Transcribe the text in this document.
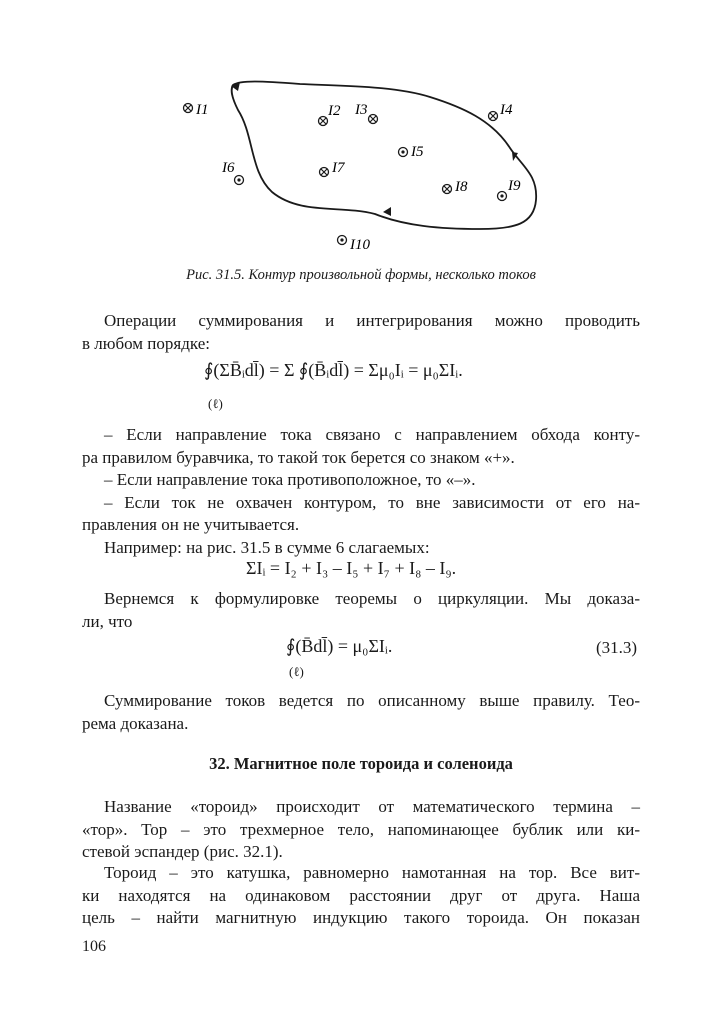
I1	I2 I3	I4
I5
I6	I7
I8	I9
I10
Рис. 31.5. Контур произвольной формы, несколько токов
Операции суммирования и интегрирования можно проводить
в любом порядке:
∮(ΣB̄ᵢdl̄) = Σ ∮(B̄ᵢdl̄) = Σμ₀Iᵢ = μ₀ΣIᵢ.
(ℓ)
– Если направление тока связано с направлением обхода конту-
ра правилом буравчика, то такой ток берется со знаком «+».
– Если направление тока противоположное, то «–».
– Если ток не охвачен контуром, то вне зависимости от его на-
правления он не учитывается.
Например: на рис. 31.5 в сумме 6 слагаемых:
ΣIᵢ = I₂ + I₃ – I₅ + I₇ + I₈ – I₉.
Вернемся к формулировке теоремы о циркуляции. Мы доказа-
ли, что
∮(B̄dl̄) = μ₀ΣIᵢ.
(ℓ)
(31.3)
Суммирование токов ведется по описанному выше правилу. Тео-
рема доказана.
32. Магнитное поле тороида и соленоида
Название «тороид» происходит от математического термина –
«тор». Тор – это трехмерное тело, напоминающее бублик или ки-
стевой эспандер (рис. 32.1).
Тороид – это катушка, равномерно намотанная на тор. Все вит-
ки находятся на одинаковом расстоянии друг от друга. Наша
цель – найти магнитную индукцию такого тороида. Он показан
106
